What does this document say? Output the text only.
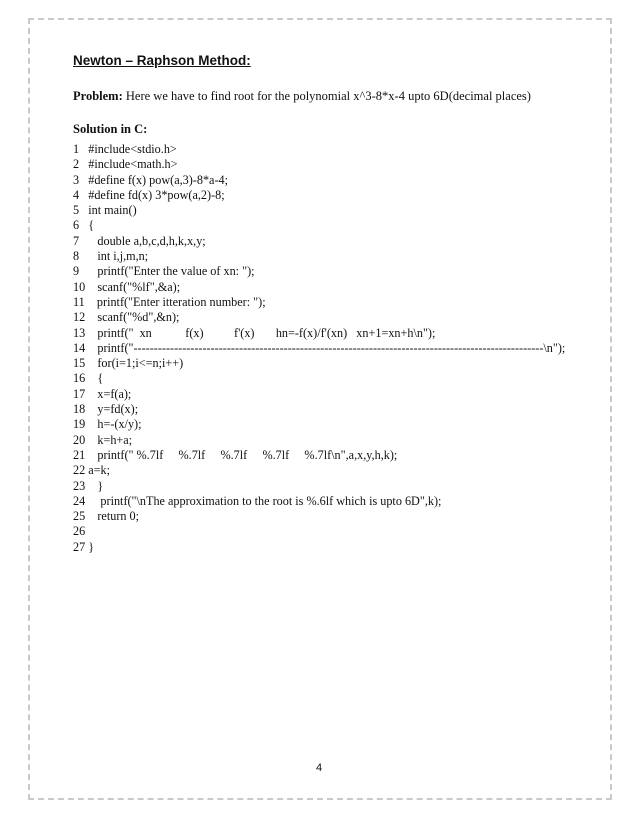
Newton – Raphson Method:
Problem: Here we have to find root for the polynomial x^3-8*x-4 upto 6D(decimal places)
Solution in C:
1   #include<stdio.h>
2   #include<math.h>
3   #define f(x) pow(a,3)-8*a-4;
4   #define fd(x) 3*pow(a,2)-8;
5   int main()
6   {
7      double a,b,c,d,h,k,x,y;
8      int i,j,m,n;
9      printf("Enter the value of xn: ");
10    scanf("%lf",&a);
11    printf("Enter itteration number: ");
12    scanf("%d",&n);
13    printf("  xn           f(x)          f'(x)       hn=-f(x)/f'(xn)   xn+1=xn+h\n");
14    printf("-----------------------------------------------------------------------------------------------------\n");
15    for(i=1;i<=n;i++)
16    {
17    x=f(a);
18    y=fd(x);
19    h=-(x/y);
20    k=h+a;
21    printf(" %.7lf     %.7lf     %.7lf     %.7lf     %.7lf\n",a,x,y,h,k);
22 a=k;
23    }
24     printf("\nThe approximation to the root is %.6lf which is upto 6D",k);
25    return 0;
26
27 }
4
